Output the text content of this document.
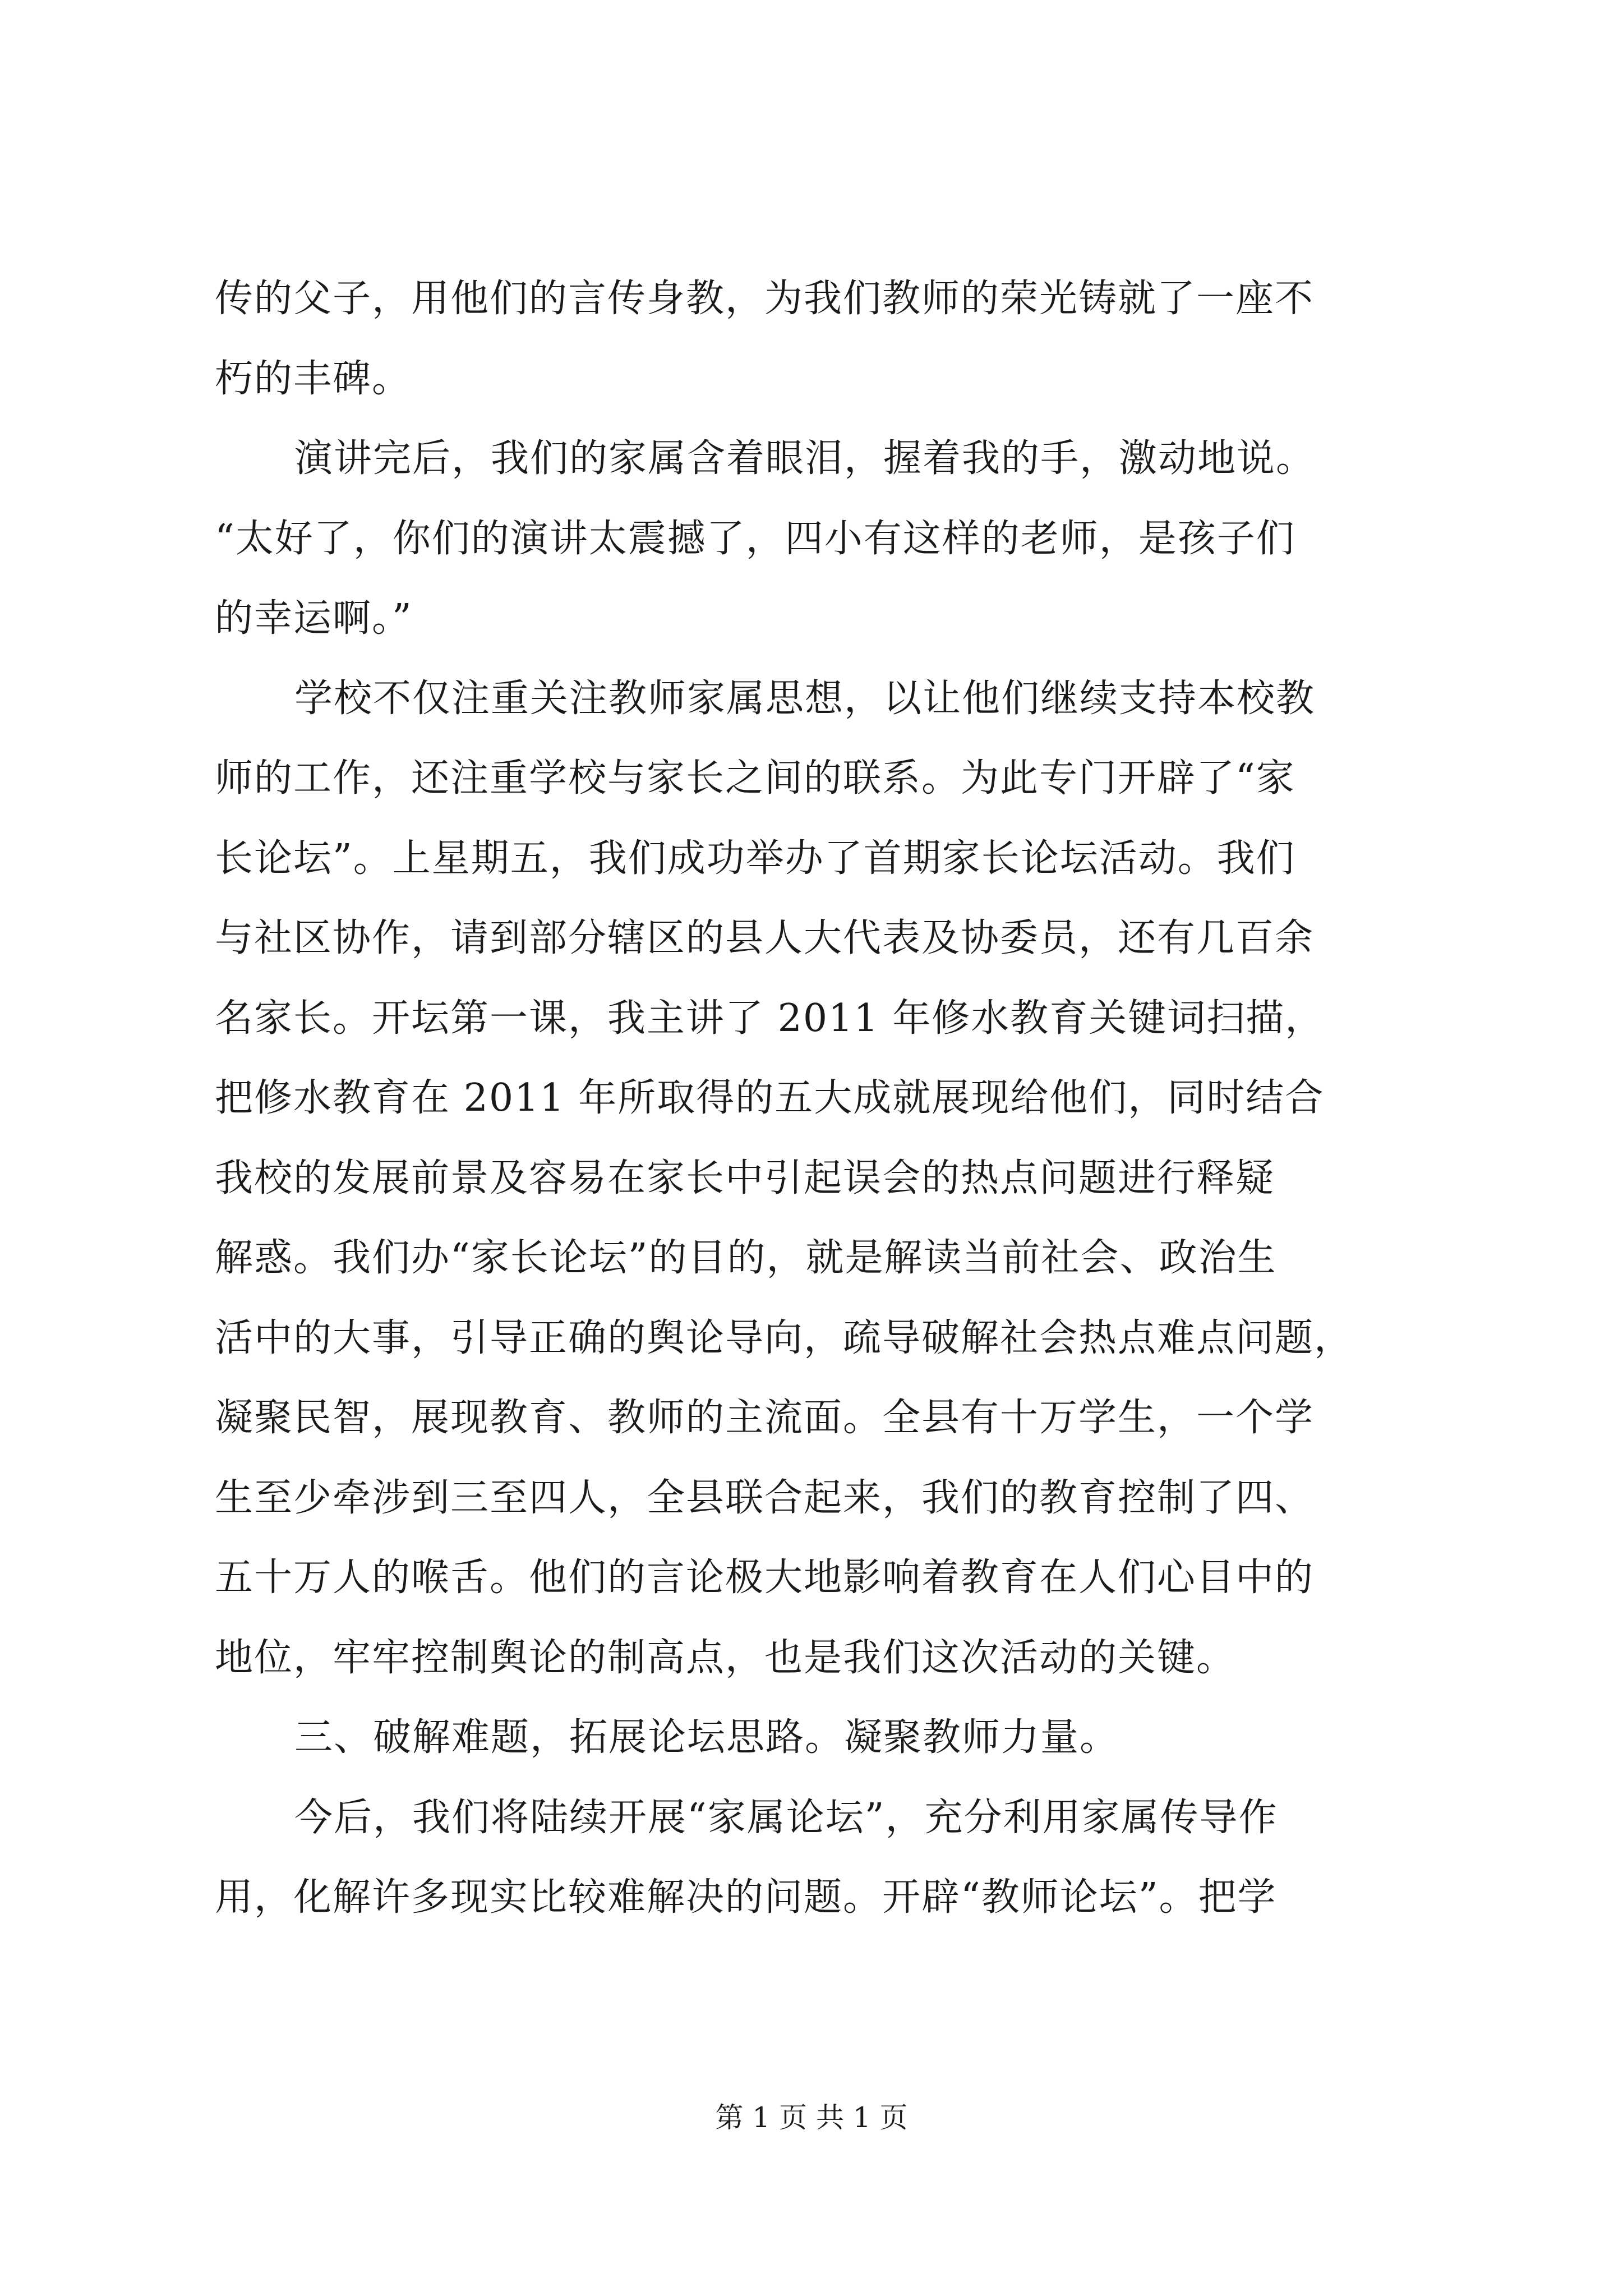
传的父子，用他们的言传身教，为我们教师的荣光铸就了一座不
朽的丰碑。
演讲完后，我们的家属含着眼泪，握着我的手，激动地说。
“太好了，你们的演讲太震撼了，四小有这样的老师，是孩子们
的幸运啊。”
学校不仅注重关注教师家属思想，以让他们继续支持本校教
师的工作，还注重学校与家长之间的联系。为此专门开辟了“家
长论坛”。上星期五，我们成功举办了首期家长论坛活动。我们
与社区协作，请到部分辖区的县人大代表及协委员，还有几百余
名家长。开坛第一课，我主讲了 2011 年修水教育关键词扫描，
把修水教育在 2011 年所取得的五大成就展现给他们，同时结合
我校的发展前景及容易在家长中引起误会的热点问题进行释疑
解惑。我们办“家长论坛”的目的，就是解读当前社会、政治生
活中的大事，引导正确的舆论导向，疏导破解社会热点难点问题，
凝聚民智，展现教育、教师的主流面。全县有十万学生，一个学
生至少牵涉到三至四人，全县联合起来，我们的教育控制了四、
五十万人的喉舌。他们的言论极大地影响着教育在人们心目中的
地位，牢牢控制舆论的制高点，也是我们这次活动的关键。
三、破解难题，拓展论坛思路。凝聚教师力量。
今后，我们将陆续开展“家属论坛”，充分利用家属传导作
用，化解许多现实比较难解决的问题。开辟“教师论坛”。把学
第 1 页 共 1 页
